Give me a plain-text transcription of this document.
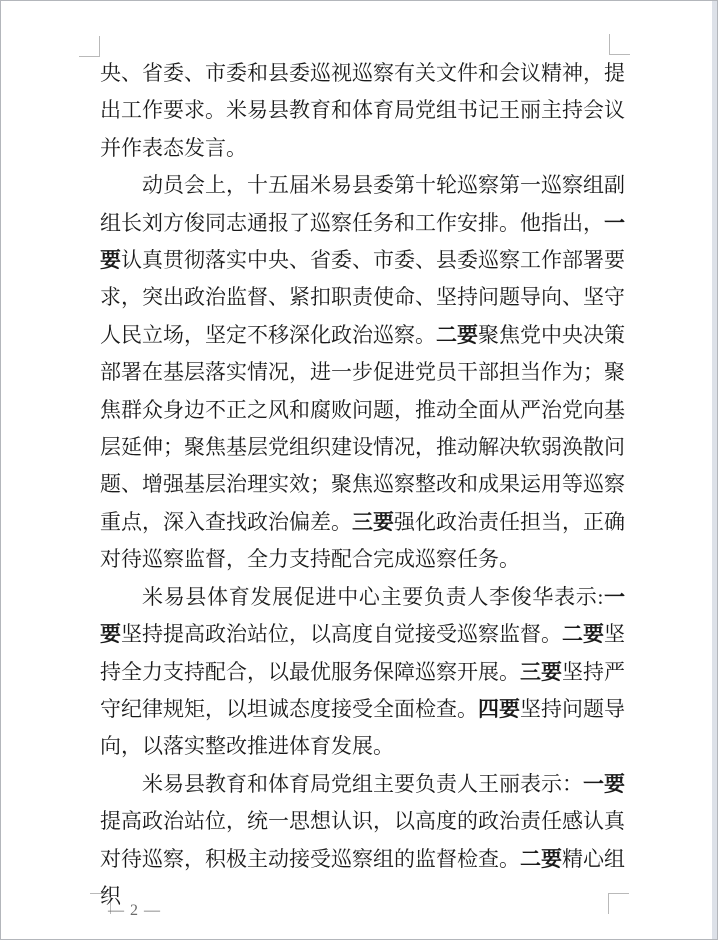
央、省委、市委和县委巡视巡察有关文件和会议精神，提出工作要求。米易县教育和体育局党组书记王丽主持会议并作表态发言。

动员会上，十五届米易县委第十轮巡察第一巡察组副组长刘方俊同志通报了巡察任务和工作安排。他指出，一要认真贯彻落实中央、省委、市委、县委巡察工作部署要求，突出政治监督、紧扣职责使命、坚持问题导向、坚守人民立场，坚定不移深化政治巡察。二要聚焦党中央决策部署在基层落实情况，进一步促进党员干部担当作为；聚焦群众身边不正之风和腐败问题，推动全面从严治党向基层延伸；聚焦基层党组织建设情况，推动解决软弱涣散问题、增强基层治理实效；聚焦巡察整改和成果运用等巡察重点，深入查找政治偏差。三要强化政治责任担当，正确对待巡察监督，全力支持配合完成巡察任务。

米易县体育发展促进中心主要负责人李俊华表示:一要坚持提高政治站位，以高度自觉接受巡察监督。二要坚持全力支持配合，以最优服务保障巡察开展。三要坚持严守纪律规矩，以坦诚态度接受全面检查。四要坚持问题导向，以落实整改推进体育发展。

米易县教育和体育局党组主要负责人王丽表示：一要提高政治站位，统一思想认识，以高度的政治责任感认真对待巡察，积极主动接受巡察组的监督检查。二要精心组织

— 2 —
